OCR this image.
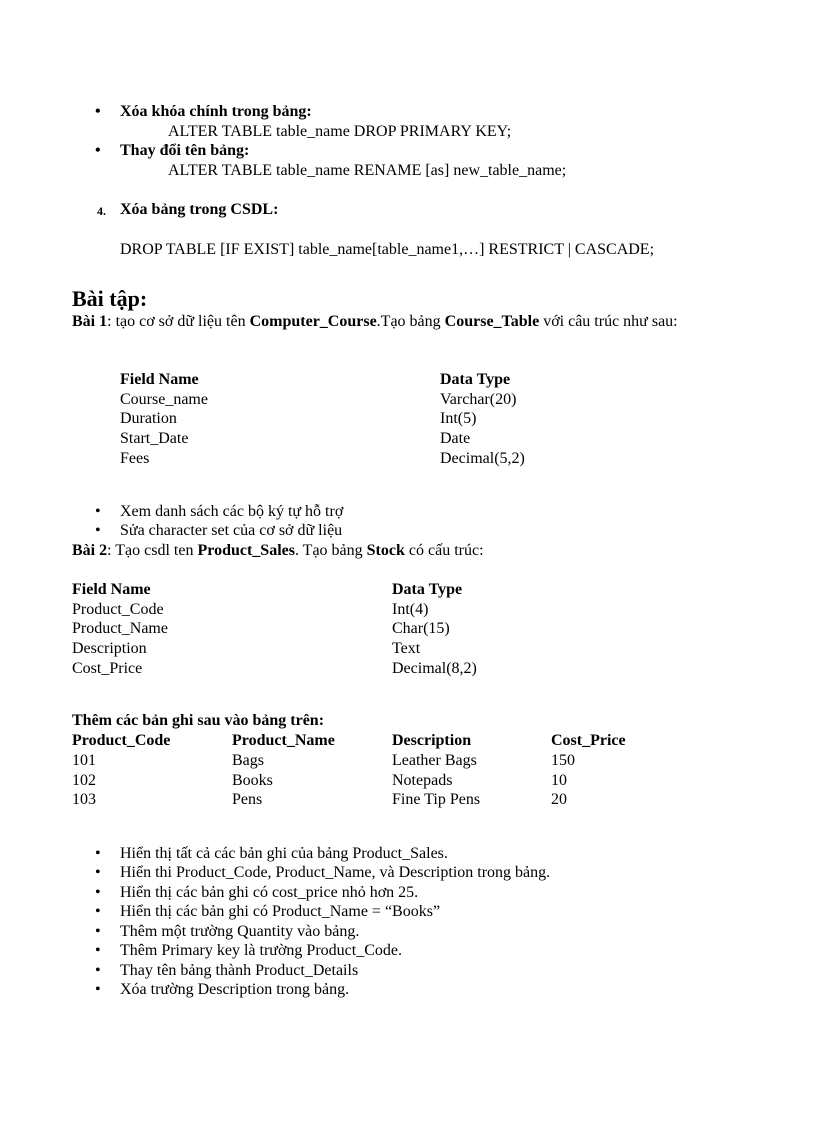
• Xóa khóa chính trong bảng:
ALTER TABLE table_name DROP PRIMARY KEY;
• Thay đổi tên bảng:
ALTER TABLE table_name RENAME [as] new_table_name;
4. Xóa bảng trong CSDL:
DROP TABLE [IF EXIST] table_name[table_name1,…] RESTRICT | CASCADE;
Bài tập:
Bài 1: tạo cơ sở dữ liệu tên Computer_Course.Tạo bảng Course_Table với câu trúc như sau:
Field Name	Data Type
Course_name	Varchar(20)
Duration	Int(5)
Start_Date	Date
Fees	Decimal(5,2)
• Xem danh sách các bộ ký tự hỗ trợ
• Sửa character set của cơ sở dữ liệu
Bài 2: Tạo csdl ten Product_Sales. Tạo bảng Stock có cấu trúc:
Field Name	Data Type
Product_Code	Int(4)
Product_Name	Char(15)
Description	Text
Cost_Price	Decimal(8,2)
Thêm các bản ghi sau vào bảng trên:
Product_Code	Product_Name	Description	Cost_Price
101	Bags	Leather Bags	150
102	Books	Notepads	10
103	Pens	Fine Tip Pens	20
• Hiển thị tất cả các bản ghi của bảng Product_Sales.
• Hiển thi Product_Code, Product_Name, và Description trong bảng.
• Hiển thị các bản ghi có cost_price nhỏ hơn 25.
• Hiển thị các bản ghi có Product_Name = “Books”
• Thêm một trường Quantity vào bảng.
• Thêm Primary key là trường Product_Code.
• Thay tên bảng thành Product_Details
• Xóa trường Description trong bảng.
